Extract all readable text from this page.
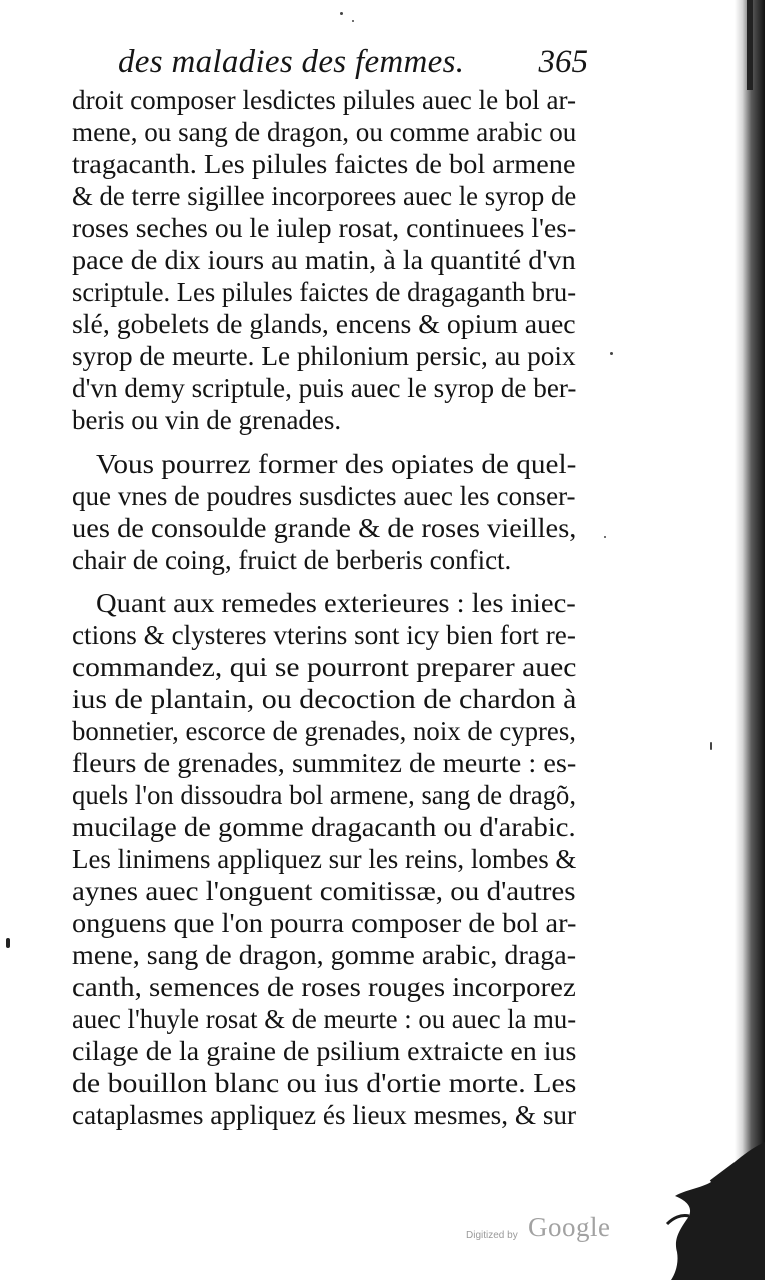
des maladies des femmes. 365
droit composer lesdictes pilules auec le bol ar-
mene, ou sang de dragon, ou comme arabic ou
tragacanth. Les pilules faictes de bol armene
& de terre sigillee incorporees auec le syrop de
roses seches ou le iulep rosat, continuees l'es-
pace de dix iours au matin, à la quantité d'vn
scriptule. Les pilules faictes de dragaganth bru-
slé, gobelets de glands, encens & opium auec
syrop de meurte. Le philonium persic, au poix
d'vn demy scriptule, puis auec le syrop de ber-
beris ou vin de grenades.
Vous pourrez former des opiates de quel-
que vnes de poudres susdictes auec les conser-
ues de consoulde grande & de roses vieilles,
chair de coing, fruict de berberis confict.
Quant aux remedes exterieures : les iniec-
ctions & clysteres vterins sont icy bien fort re-
commandez, qui se pourront preparer auec
ius de plantain, ou decoction de chardon à
bonnetier, escorce de grenades, noix de cypres,
fleurs de grenades, summitez de meurte : es-
quels l'on dissoudra bol armene, sang de dragõ,
mucilage de gomme dragacanth ou d'arabic.
Les linimens appliquez sur les reins, lombes &
aynes auec l'onguent comitissæ, ou d'autres
onguens que l'on pourra composer de bol ar-
mene, sang de dragon, gomme arabic, draga-
canth, semences de roses rouges incorporez
auec l'huyle rosat & de meurte : ou auec la mu-
cilage de la graine de psilium extraicte en ius
de bouillon blanc ou ius d'ortie morte. Les
cataplasmes appliquez és lieux mesmes, & sur
Digitized by Google
